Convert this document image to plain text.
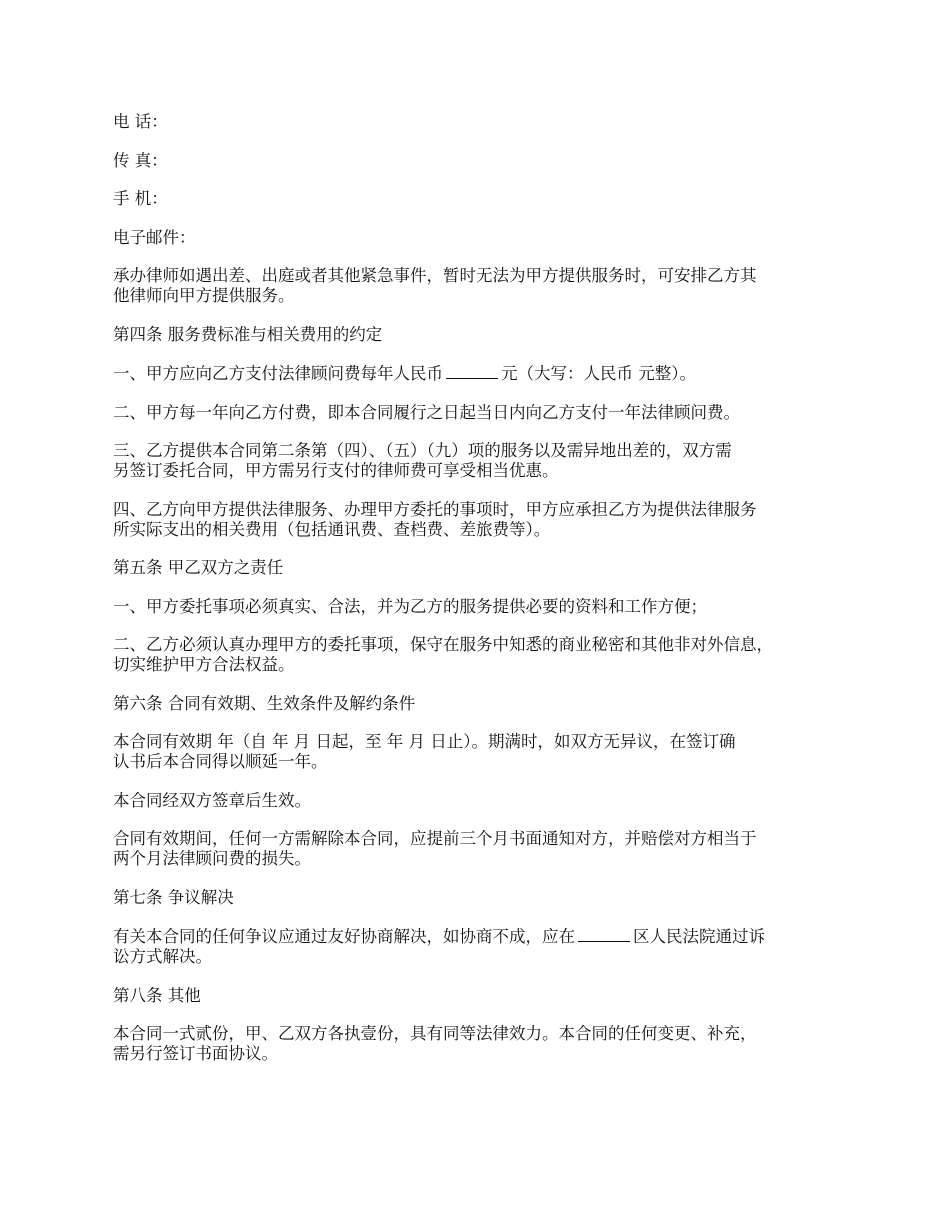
电 话：

传 真：

手 机：

电子邮件：

承办律师如遇出差、出庭或者其他紧急事件，暂时无法为甲方提供服务时，可安排乙方其
他律师向甲方提供服务。

第四条 服务费标准与相关费用的约定

一、甲方应向乙方支付法律顾问费每年人民币	元（大写：人民币 元整）。

二、甲方每一年向乙方付费，即本合同履行之日起当日内向乙方支付一年法律顾问费。

三、乙方提供本合同第二条第（四）、（五）（九）项的服务以及需异地出差的，双方需
另签订委托合同，甲方需另行支付的律师费可享受相当优惠。

四、乙方向甲方提供法律服务、办理甲方委托的事项时，甲方应承担乙方为提供法律服务
所实际支出的相关费用（包括通讯费、查档费、差旅费等）。

第五条 甲乙双方之责任

一、甲方委托事项必须真实、合法，并为乙方的服务提供必要的资料和工作方便；

二、乙方必须认真办理甲方的委托事项，保守在服务中知悉的商业秘密和其他非对外信息，
切实维护甲方合法权益。

第六条 合同有效期、生效条件及解约条件

本合同有效期 年（自 年 月 日起，至 年 月 日止）。期满时，如双方无异议，在签订确
认书后本合同得以顺延一年。

本合同经双方签章后生效。

合同有效期间，任何一方需解除本合同，应提前三个月书面通知对方，并赔偿对方相当于
两个月法律顾问费的损失。

第七条 争议解决

有关本合同的任何争议应通过友好协商解决，如协商不成，应在	区人民法院通过诉
讼方式解决。

第八条 其他

本合同一式贰份，甲、乙双方各执壹份，具有同等法律效力。本合同的任何变更、补充，
需另行签订书面协议。
